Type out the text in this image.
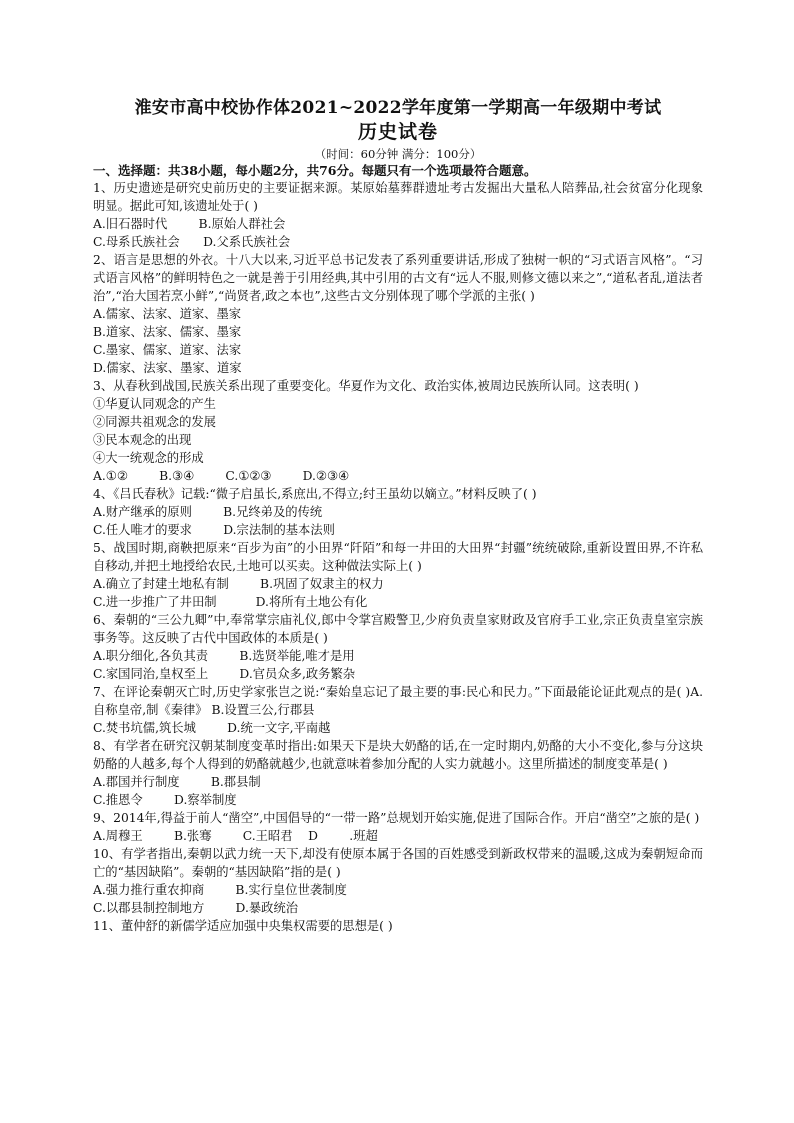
淮安市高中校协作体2021~2022学年度第一学期高一年级期中考试

历史试卷

（时间：60分钟 满分：100分）

一、选择题：共38小题，每小题2分，共76分。每题只有一个选项最符合题意。

1、历史遗迹是研究史前历史的主要证据来源。某原始墓葬群遗址考古发掘出大量私人陪葬品,社会贫富分化现象明显。据此可知,该遗址处于( )

A.旧石器时代        B.原始人群社会

C.母系氏族社会      D.父系氏族社会

2、语言是思想的外衣。十八大以来,习近平总书记发表了系列重要讲话,形成了独树一帜的“习式语言风格”。“习式语言风格”的鲜明特色之一就是善于引用经典,其中引用的古文有“远人不服,则修文德以来之”,“道私者乱,道法者治”,“治大国若烹小鲜”,“尚贤者,政之本也”,这些古文分别体现了哪个学派的主张( )

A.儒家、法家、道家、墨家

B.道家、法家、儒家、墨家

C.墨家、儒家、道家、法家

D.儒家、法家、墨家、道家

3、从春秋到战国,民族关系出现了重要变化。华夏作为文化、政治实体,被周边民族所认同。这表明( )

①华夏认同观念的产生

②同源共祖观念的发展

③民本观念的出现

④大一统观念的形成

A.①②        B.③④        C.①②③        D.②③④

4、《吕氏春秋》记载:“微子启虽长,系庶出,不得立;纣王虽幼以嫡立。”材料反映了( )

A.财产继承的原则        B.兄终弟及的传统

C.任人唯才的要求        D.宗法制的基本法则

5、战国时期,商鞅把原来“百步为亩”的小田界“阡陌”和每一井田的大田界“封疆”统统破除,重新设置田界,不许私自移动,并把土地授给农民,土地可以买卖。这种做法实际上( )

A.确立了封建土地私有制        B.巩固了奴隶主的权力

C.进一步推广了井田制          D.将所有土地公有化

6、秦朝的“三公九卿”中,奉常掌宗庙礼仪,郎中令掌宫殿警卫,少府负责皇家财政及官府手工业,宗正负责皇室宗族事务等。这反映了古代中国政体的本质是( )

A.职分细化,各负其责        B.选贤举能,唯才是用

C.家国同治,皇权至上        D.官员众多,政务繁杂

7、在评论秦朝灭亡时,历史学家张岂之说:“秦始皇忘记了最主要的事:民心和民力。”下面最能论证此观点的是( )A.自称皇帝,制《秦律》 B.设置三公,行郡县

C.焚书坑儒,筑长城        D.统一文字,平南越

8、有学者在研究汉朝某制度变革时指出:如果天下是块大奶酪的话,在一定时期内,奶酪的大小不变化,参与分这块奶酪的人越多,每个人得到的奶酪就越少,也就意味着参加分配的人实力就越小。这里所描述的制度变革是( )

A.郡国并行制度        B.郡县制

C.推恩令        D.察举制度

9、2014年,得益于前人“凿空”,中国倡导的“一带一路”总规划开始实施,促进了国际合作。开启“凿空”之旅的是( )

A.周穆王        B.张骞        C.王昭君    D        .班超

10、有学者指出,秦朝以武力统一天下,却没有使原本属于各国的百姓感受到新政权带来的温暖,这成为秦朝短命而亡的“基因缺陷”。秦朝的“基因缺陷”指的是( )

A.强力推行重农抑商        B.实行皇位世袭制度

C.以郡县制控制地方        D.暴政统治

11、董仲舒的新儒学适应加强中央集权需要的思想是( )
